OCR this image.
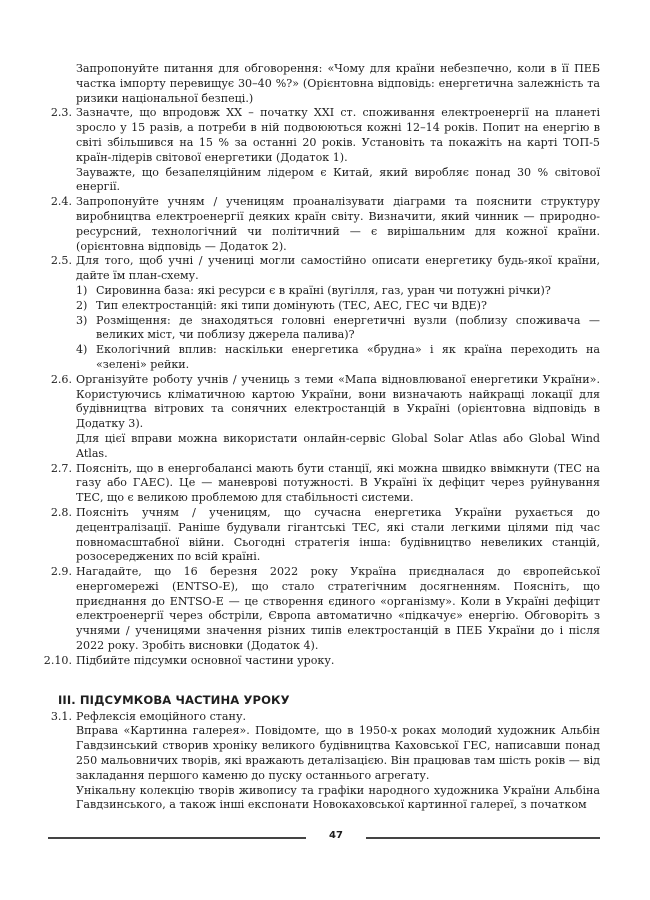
Запропонуйте питання для обговорення: «Чому для країни небезпечно, коли в її ПЕБ частка імпорту перевищує 30–40 %?» (Орієнтовна відповідь: енергетична залежність та ризики національної безпеці.)

2.3. Зазначте, що впродовж XX – початку XXI ст. споживання електроенергії на планеті зросло у 15 разів, а потреби в ній подвоюються кожні 12–14 років. Попит на енергію в світі збільшився на 15 % за останні 20 років. Установіть та покажіть на карті ТОП-5 країн-лідерів світової енергетики (Додаток 1).

Зауважте, що безапеляційним лідером є Китай, який виробляє понад 30 % світової енергії.

2.4. Запропонуйте учням / ученицям проаналізувати діаграми та пояснити структуру виробництва електроенергії деяких країн світу. Визначити, який чинник — природно-ресурсний, технологічний чи політичний — є вирішальним для кожної країни. (орієнтовна відповідь — Додаток 2).

2.5. Для того, щоб учні / учениці могли самостійно описати енергетику будь-якої країни, дайте їм план-схему.

1) Сировинна база: які ресурси є в країні (вугілля, газ, уран чи потужні річки)?
2) Тип електростанцій: які типи домінують (ТЕС, АЕС, ГЕС чи ВДЕ)?
3) Розміщення: де знаходяться головні енергетичні вузли (поблизу споживача — великих міст, чи поблизу джерела палива)?
4) Екологічний вплив: наскільки енергетика «брудна» і як країна переходить на «зелені» рейки.
2.6. Організуйте роботу учнів / учениць з теми «Мапа відновлюваної енергетики України». Користуючись кліматичною картою України, вони визначають найкращі локації для будівництва вітрових та сонячних електростанцій в Україні (орієнтовна відповідь в Додатку 3).

Для цієї вправи можна використати онлайн-сервіс Global Solar Atlas або Global Wind Atlas.

2.7. Поясніть, що в енергобалансі мають бути станції, які можна швидко ввімкнути (ТЕС на газу або ГАЕС). Це — маневрові потужності. В Україні їх дефіцит через руйнування ТЕС, що є великою проблемою для стабільності системи.

2.8. Поясніть учням / ученицям, що сучасна енергетика України рухається до децентралізації. Раніше будували гігантські ТЕС, які стали легкими цілями під час повномасштабної війни. Сьогодні стратегія інша: будівництво невеликих станцій, розосереджених по всій країні.

2.9. Нагадайте, що 16 березня 2022 року Україна приєдналася до європейської енергомережі (ENTSO-E), що стало стратегічним досягненням. Поясніть, що приєднання до ENTSO-E — це створення єдиного «організму». Коли в Україні дефіцит електроенергії через обстріли, Європа автоматично «підкачує» енергію. Обговоріть з учнями / ученицями значення різних типів електростанцій в ПЕБ України до і після 2022 року. Зробіть висновки (Додаток 4).

2.10. Підбийте підсумки основної частини уроку.

ІІІ. ПІДСУМКОВА ЧАСТИНА УРОКУ
3.1. Рефлексія емоційного стану.

Вправа «Картинна галерея». Повідомте, що в 1950-х роках молодий художник Альбін Гавдзинський створив хроніку великого будівництва Каховської ГЕС, написавши понад 250 мальовничих творів, які вражають деталізацією. Він працював там шість років — від закладання першого каменю до пуску останнього агрегату.

Унікальну колекцію творів живопису та графіки народного художника України Альбіна Гавдзинського, а також інші експонати Новокаховської картинної галереї, з початком

47
